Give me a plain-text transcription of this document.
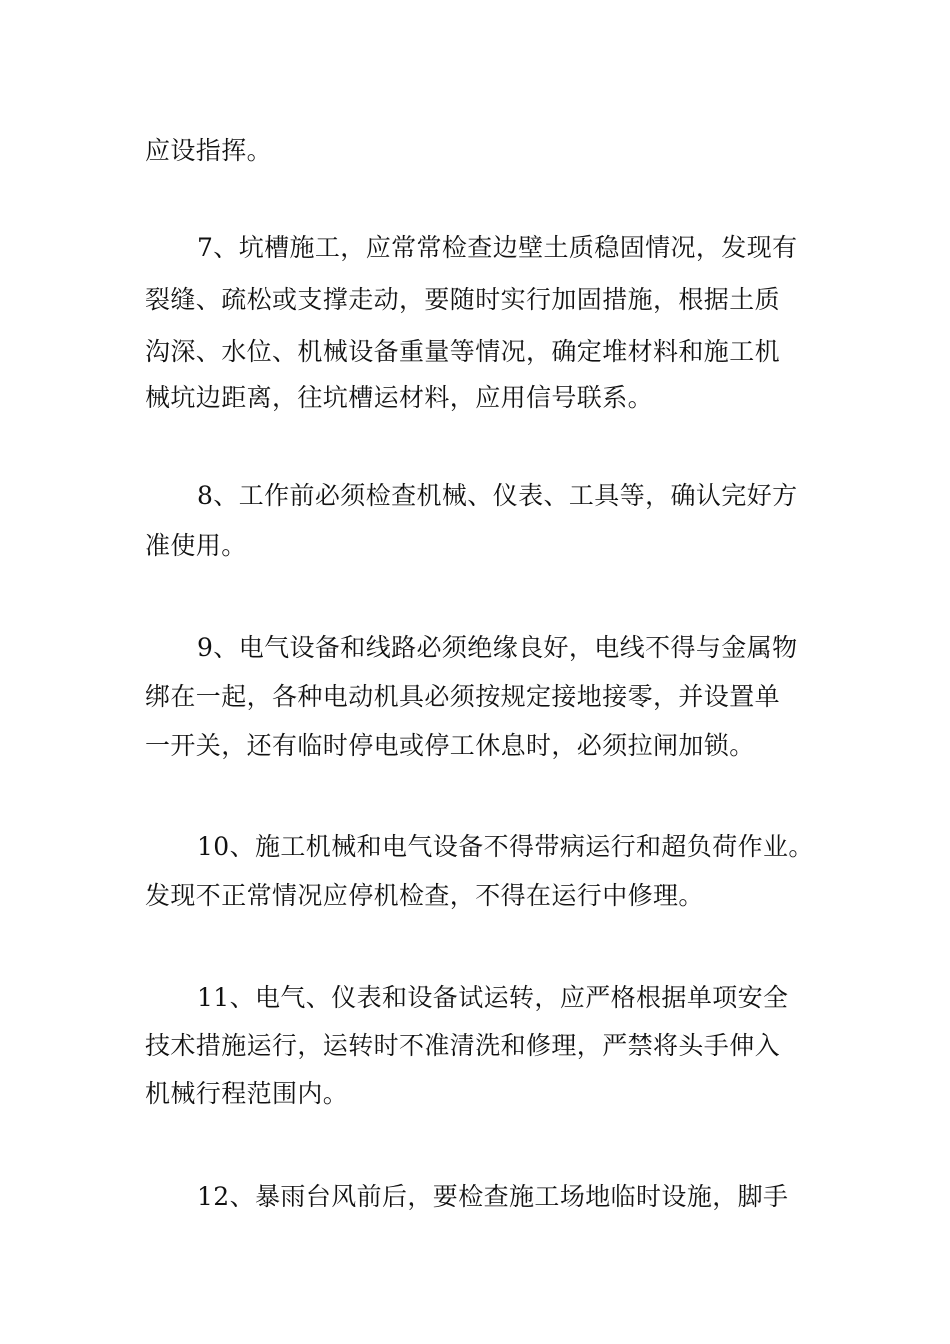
应设指挥。
7、坑槽施工，应常常检查边壁土质稳固情况，发现有
裂缝、疏松或支撑走动，要随时实行加固措施，根据土质
沟深、水位、机械设备重量等情况，确定堆材料和施工机
械坑边距离，往坑槽运材料，应用信号联系。
8、工作前必须检查机械、仪表、工具等，确认完好方
准使用。
9、电气设备和线路必须绝缘良好，电线不得与金属物
绑在一起，各种电动机具必须按规定接地接零，并设置单
一开关，还有临时停电或停工休息时，必须拉闸加锁。
10、施工机械和电气设备不得带病运行和超负荷作业。
发现不正常情况应停机检查，不得在运行中修理。
11、电气、仪表和设备试运转，应严格根据单项安全
技术措施运行，运转时不准清洗和修理，严禁将头手伸入
机械行程范围内。
12、暴雨台风前后，要检查施工场地临时设施，脚手
